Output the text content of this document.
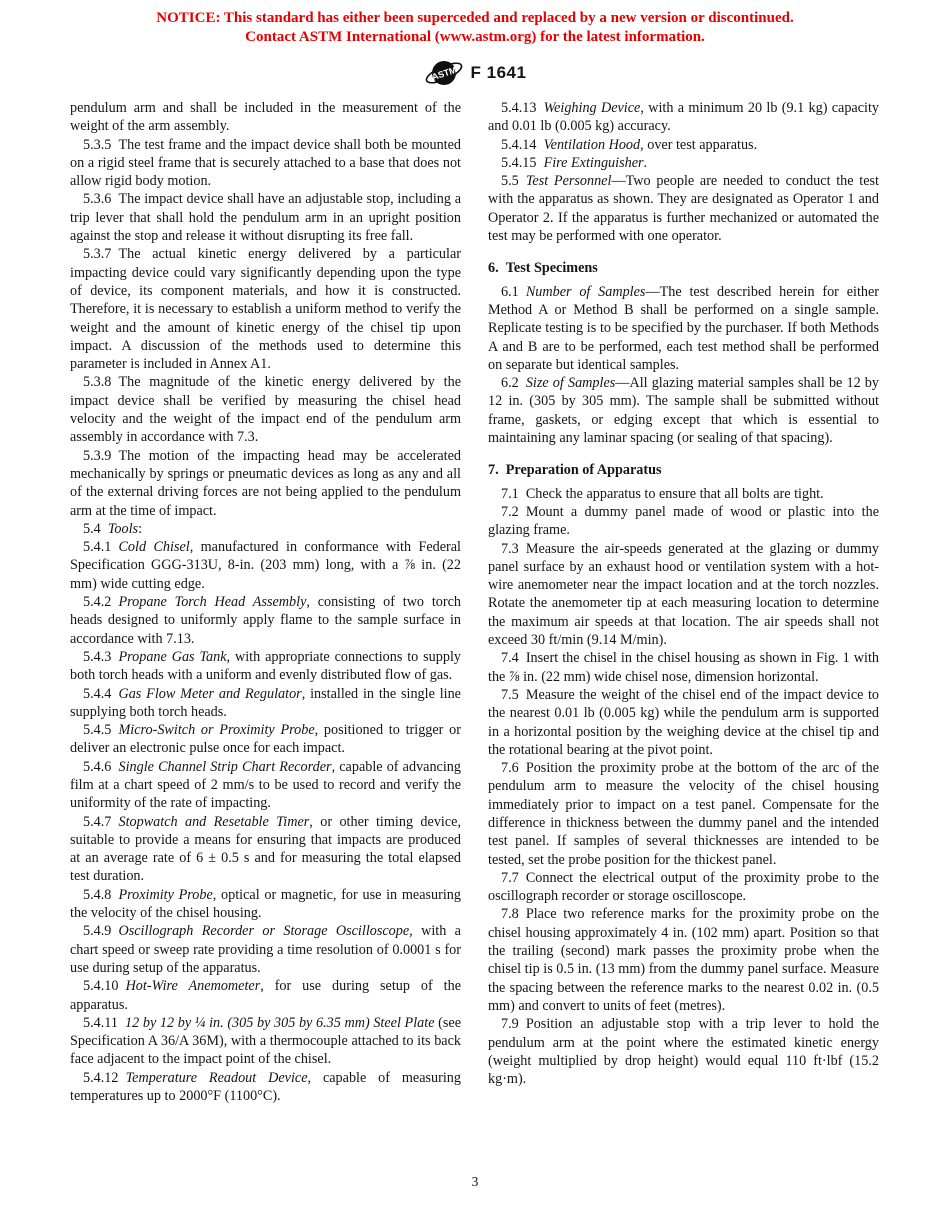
NOTICE: This standard has either been superceded and replaced by a new version or discontinued.
Contact ASTM International (www.astm.org) for the latest information.
ASTM F 1641

pendulum arm and shall be included in the measurement of the weight of the arm assembly.

5.3.5 The test frame and the impact device shall both be mounted on a rigid steel frame that is securely attached to a base that does not allow rigid body motion.

5.3.6 The impact device shall have an adjustable stop, including a trip lever that shall hold the pendulum arm in an upright position against the stop and release it without disrupting its free fall.

5.3.7 The actual kinetic energy delivered by a particular impacting device could vary significantly depending upon the type of device, its component materials, and how it is constructed. Therefore, it is necessary to establish a uniform method to verify the weight and the amount of kinetic energy of the chisel tip upon impact. A discussion of the methods used to determine this parameter is included in Annex A1.

5.3.8 The magnitude of the kinetic energy delivered by the impact device shall be verified by measuring the chisel head velocity and the weight of the impact end of the pendulum arm assembly in accordance with 7.3.

5.3.9 The motion of the impacting head may be accelerated mechanically by springs or pneumatic devices as long as any and all of the external driving forces are not being applied to the pendulum arm at the time of impact.

5.4 Tools:

5.4.1 Cold Chisel, manufactured in conformance with Federal Specification GGG-313U, 8-in. (203 mm) long, with a ⅞ in. (22 mm) wide cutting edge.

5.4.2 Propane Torch Head Assembly, consisting of two torch heads designed to uniformly apply flame to the sample surface in accordance with 7.13.

5.4.3 Propane Gas Tank, with appropriate connections to supply both torch heads with a uniform and evenly distributed flow of gas.

5.4.4 Gas Flow Meter and Regulator, installed in the single line supplying both torch heads.

5.4.5 Micro-Switch or Proximity Probe, positioned to trigger or deliver an electronic pulse once for each impact.

5.4.6 Single Channel Strip Chart Recorder, capable of advancing film at a chart speed of 2 mm/s to be used to record and verify the uniformity of the rate of impacting.

5.4.7 Stopwatch and Resetable Timer, or other timing device, suitable to provide a means for ensuring that impacts are produced at an average rate of 6 ± 0.5 s and for measuring the total elapsed test duration.

5.4.8 Proximity Probe, optical or magnetic, for use in measuring the velocity of the chisel housing.

5.4.9 Oscillograph Recorder or Storage Oscilloscope, with a chart speed or sweep rate providing a time resolution of 0.0001 s for use during setup of the apparatus.

5.4.10 Hot-Wire Anemometer, for use during setup of the apparatus.

5.4.11 12 by 12 by ¼ in. (305 by 305 by 6.35 mm) Steel Plate (see Specification A 36/A 36M), with a thermocouple attached to its back face adjacent to the impact point of the chisel.

5.4.12 Temperature Readout Device, capable of measuring temperatures up to 2000°F (1100°C).

5.4.13 Weighing Device, with a minimum 20 lb (9.1 kg) capacity and 0.01 lb (0.005 kg) accuracy.

5.4.14 Ventilation Hood, over test apparatus.

5.4.15 Fire Extinguisher.

5.5 Test Personnel—Two people are needed to conduct the test with the apparatus as shown. They are designated as Operator 1 and Operator 2. If the apparatus is further mechanized or automated the test may be performed with one operator.

6. Test Specimens

6.1 Number of Samples—The test described herein for either Method A or Method B shall be performed on a single sample. Replicate testing is to be specified by the purchaser. If both Methods A and B are to be performed, each test method shall be performed on separate but identical samples.

6.2 Size of Samples—All glazing material samples shall be 12 by 12 in. (305 by 305 mm). The sample shall be submitted without frame, gaskets, or edging except that which is essential to maintaining any laminar spacing (or sealing of that spacing).

7. Preparation of Apparatus

7.1 Check the apparatus to ensure that all bolts are tight.

7.2 Mount a dummy panel made of wood or plastic into the glazing frame.

7.3 Measure the air-speeds generated at the glazing or dummy panel surface by an exhaust hood or ventilation system with a hot-wire anemometer near the impact location and at the torch nozzles. Rotate the anemometer tip at each measuring location to determine the maximum air speeds at that location. The air speeds shall not exceed 30 ft/min (9.14 M/min).

7.4 Insert the chisel in the chisel housing as shown in Fig. 1 with the ⅞ in. (22 mm) wide chisel nose, dimension horizontal.

7.5 Measure the weight of the chisel end of the impact device to the nearest 0.01 lb (0.005 kg) while the pendulum arm is supported in a horizontal position by the weighing device at the chisel tip and the rotational bearing at the pivot point.

7.6 Position the proximity probe at the bottom of the arc of the pendulum arm to measure the velocity of the chisel housing immediately prior to impact on a test panel. Compensate for the difference in thickness between the dummy panel and the intended test panel. If samples of several thicknesses are intended to be tested, set the probe position for the thickest panel.

7.7 Connect the electrical output of the proximity probe to the oscillograph recorder or storage oscilloscope.

7.8 Place two reference marks for the proximity probe on the chisel housing approximately 4 in. (102 mm) apart. Position so that the trailing (second) mark passes the proximity probe when the chisel tip is 0.5 in. (13 mm) from the dummy panel surface. Measure the spacing between the reference marks to the nearest 0.02 in. (0.5 mm) and convert to units of feet (metres).

7.9 Position an adjustable stop with a trip lever to hold the pendulum arm at the point where the estimated kinetic energy (weight multiplied by drop height) would equal 110 ft·lbf (15.2 kg·m).

3
